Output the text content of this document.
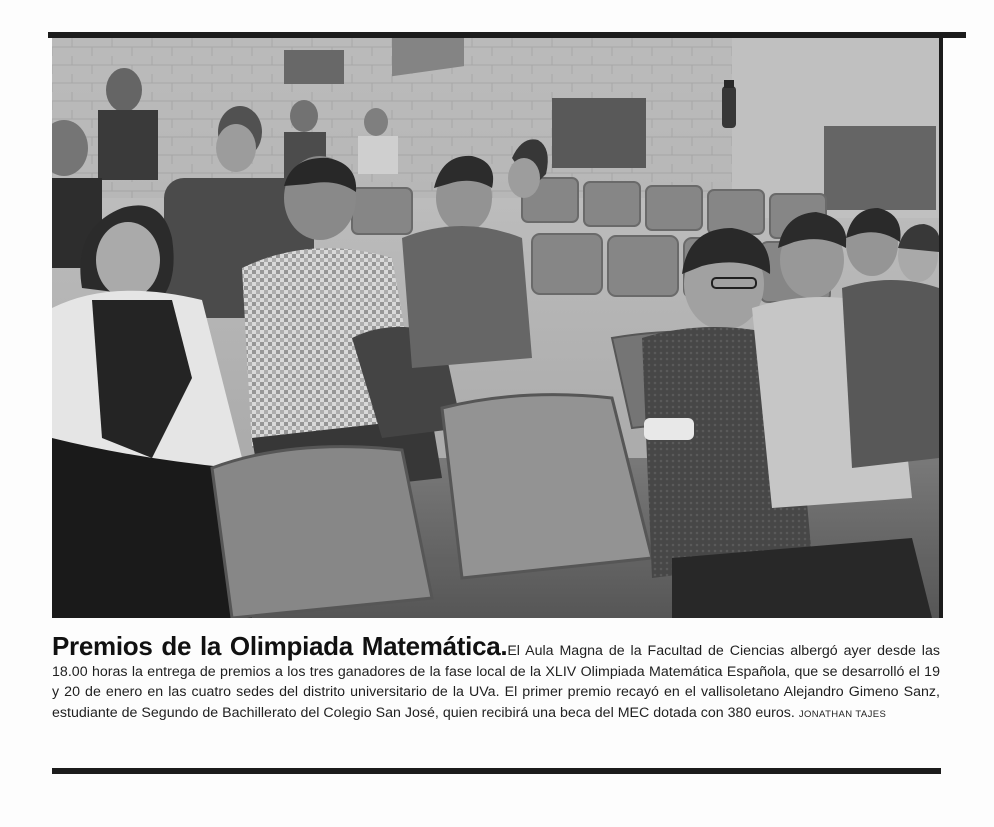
Premios de la Olimpiada Matemática.El Aula Magna de la Facultad de Ciencias albergó ayer desde las 18.00 horas la entrega de premios a los tres ganadores de la fase local de la XLIV Olimpiada Matemática Española, que se desarrolló el 19 y 20 de enero en las cuatro sedes del distrito universitario de la UVa. El primer premio recayó en el vallisoletano Alejandro Gimeno Sanz, estudiante de Segundo de Bachillerato del Colegio San José, quien recibirá una beca del MEC dotada con 380 euros. JONATHAN TAJES
